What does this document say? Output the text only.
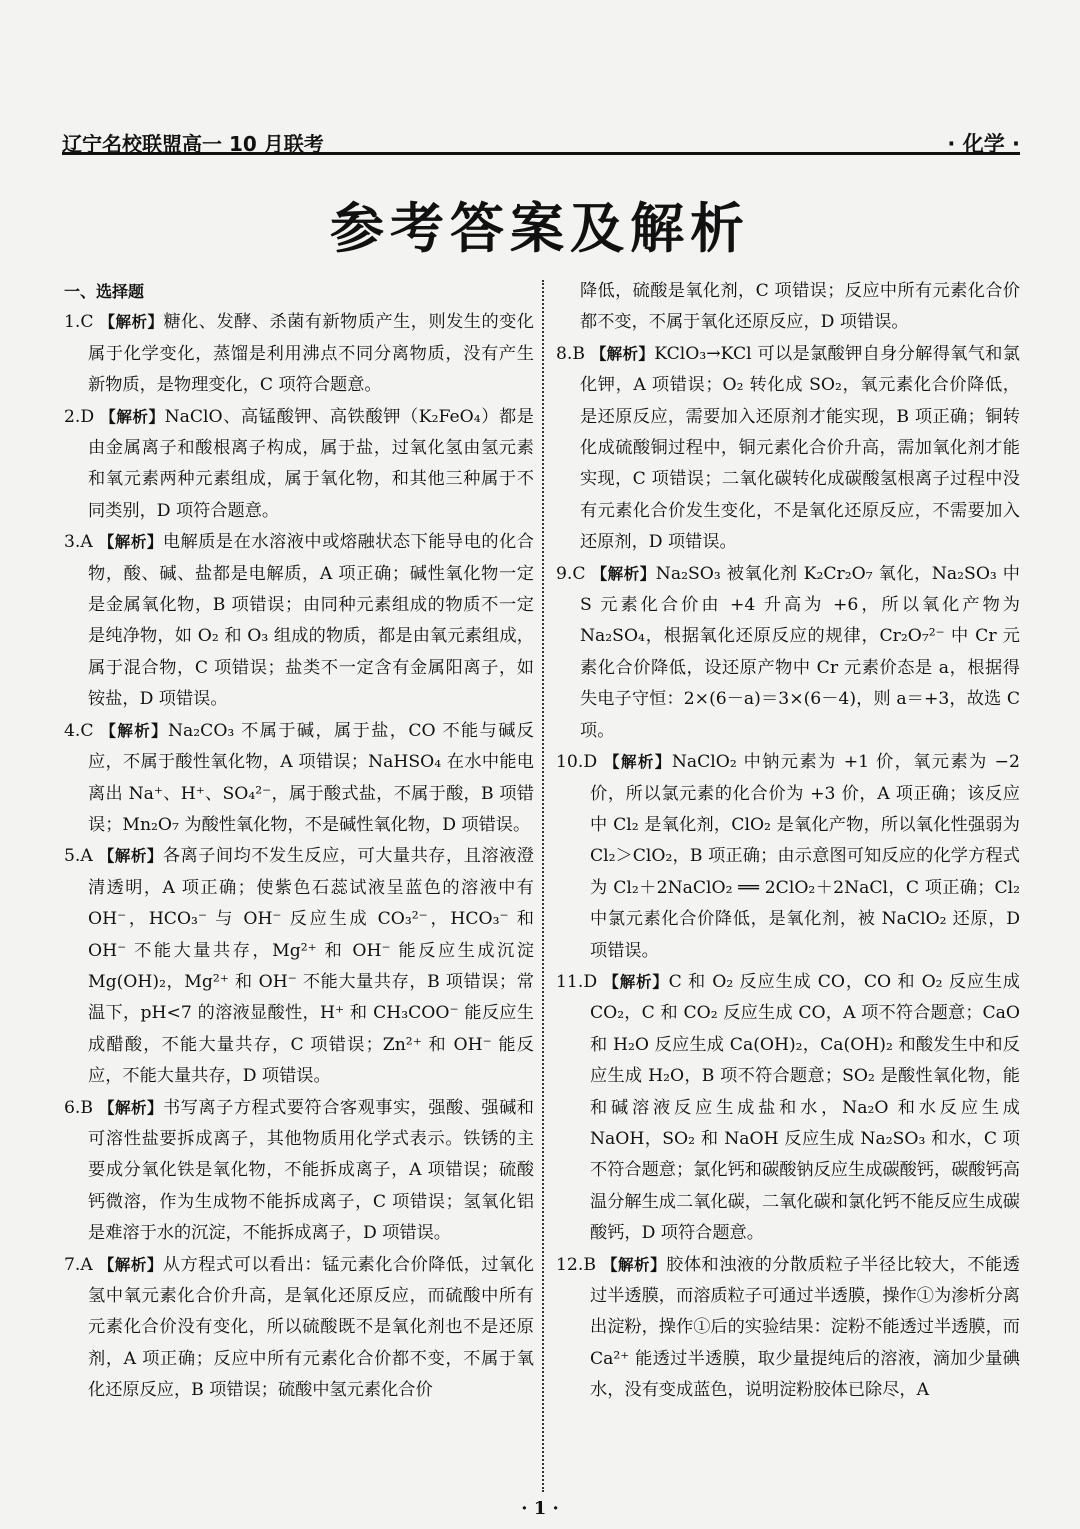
辽宁名校联盟高一 10 月联考	· 化学 ·
参考答案及解析
一、选择题
1.C 【解析】糖化、发酵、杀菌有新物质产生，则发生的变化属于化学变化，蒸馏是利用沸点不同分离物质，没有产生新物质，是物理变化，C 项符合题意。
2.D 【解析】NaClO、高锰酸钾、高铁酸钾（K₂FeO₄）都是由金属离子和酸根离子构成，属于盐，过氧化氢由氢元素和氧元素两种元素组成，属于氧化物，和其他三种属于不同类别，D 项符合题意。
3.A 【解析】电解质是在水溶液中或熔融状态下能导电的化合物，酸、碱、盐都是电解质，A 项正确；碱性氧化物一定是金属氧化物，B 项错误；由同种元素组成的物质不一定是纯净物，如 O₂ 和 O₃ 组成的物质，都是由氧元素组成，属于混合物，C 项错误；盐类不一定含有金属阳离子，如铵盐，D 项错误。
4.C 【解析】Na₂CO₃ 不属于碱，属于盐，CO 不能与碱反应，不属于酸性氧化物，A 项错误；NaHSO₄ 在水中能电离出 Na⁺、H⁺、SO₄²⁻，属于酸式盐，不属于酸，B 项错误；Mn₂O₇ 为酸性氧化物，不是碱性氧化物，D 项错误。
5.A 【解析】各离子间均不发生反应，可大量共存，且溶液澄清透明，A 项正确；使紫色石蕊试液呈蓝色的溶液中有 OH⁻，HCO₃⁻ 与 OH⁻ 反应生成 CO₃²⁻，HCO₃⁻ 和 OH⁻ 不能大量共存，Mg²⁺ 和 OH⁻ 能反应生成沉淀 Mg(OH)₂，Mg²⁺ 和 OH⁻ 不能大量共存，B 项错误；常温下，pH<7 的溶液显酸性，H⁺ 和 CH₃COO⁻ 能反应生成醋酸，不能大量共存，C 项错误；Zn²⁺ 和 OH⁻ 能反应，不能大量共存，D 项错误。
6.B 【解析】书写离子方程式要符合客观事实，强酸、强碱和可溶性盐要拆成离子，其他物质用化学式表示。铁锈的主要成分氧化铁是氧化物，不能拆成离子，A 项错误；硫酸钙微溶，作为生成物不能拆成离子，C 项错误；氢氧化铝是难溶于水的沉淀，不能拆成离子，D 项错误。
7.A 【解析】从方程式可以看出：锰元素化合价降低，过氧化氢中氧元素化合价升高，是氧化还原反应，而硫酸中所有元素化合价没有变化，所以硫酸既不是氧化剂也不是还原剂，A 项正确；反应中所有元素化合价都不变，不属于氧化还原反应，B 项错误；硫酸中氢元素化合价
降低，硫酸是氧化剂，C 项错误；反应中所有元素化合价都不变，不属于氧化还原反应，D 项错误。
8.B 【解析】KClO₃→KCl 可以是氯酸钾自身分解得氧气和氯化钾，A 项错误；O₂ 转化成 SO₂，氧元素化合价降低，是还原反应，需要加入还原剂才能实现，B 项正确；铜转化成硫酸铜过程中，铜元素化合价升高，需加氧化剂才能实现，C 项错误；二氧化碳转化成碳酸氢根离子过程中没有元素化合价发生变化，不是氧化还原反应，不需要加入还原剂，D 项错误。
9.C 【解析】Na₂SO₃ 被氧化剂 K₂Cr₂O₇ 氧化，Na₂SO₃ 中 S 元素化合价由 +4 升高为 +6，所以氧化产物为 Na₂SO₄，根据氧化还原反应的规律，Cr₂O₇²⁻ 中 Cr 元素化合价降低，设还原产物中 Cr 元素价态是 a，根据得失电子守恒：2×(6－a)＝3×(6－4)，则 a＝+3，故选 C 项。
10.D 【解析】NaClO₂ 中钠元素为 +1 价，氧元素为 −2 价，所以氯元素的化合价为 +3 价，A 项正确；该反应中 Cl₂ 是氧化剂，ClO₂ 是氧化产物，所以氧化性强弱为 Cl₂＞ClO₂，B 项正确；由示意图可知反应的化学方程式为 Cl₂＋2NaClO₂ ══ 2ClO₂＋2NaCl，C 项正确；Cl₂ 中氯元素化合价降低，是氧化剂，被 NaClO₂ 还原，D 项错误。
11.D 【解析】C 和 O₂ 反应生成 CO，CO 和 O₂ 反应生成 CO₂，C 和 CO₂ 反应生成 CO，A 项不符合题意；CaO 和 H₂O 反应生成 Ca(OH)₂，Ca(OH)₂ 和酸发生中和反应生成 H₂O，B 项不符合题意；SO₂ 是酸性氧化物，能和碱溶液反应生成盐和水，Na₂O 和水反应生成 NaOH，SO₂ 和 NaOH 反应生成 Na₂SO₃ 和水，C 项不符合题意；氯化钙和碳酸钠反应生成碳酸钙，碳酸钙高温分解生成二氧化碳，二氧化碳和氯化钙不能反应生成碳酸钙，D 项符合题意。
12.B 【解析】胶体和浊液的分散质粒子半径比较大，不能透过半透膜，而溶质粒子可通过半透膜，操作①为渗析分离出淀粉，操作①后的实验结果：淀粉不能透过半透膜，而 Ca²⁺ 能透过半透膜，取少量提纯后的溶液，滴加少量碘水，没有变成蓝色，说明淀粉胶体已除尽，A
· 1 ·
